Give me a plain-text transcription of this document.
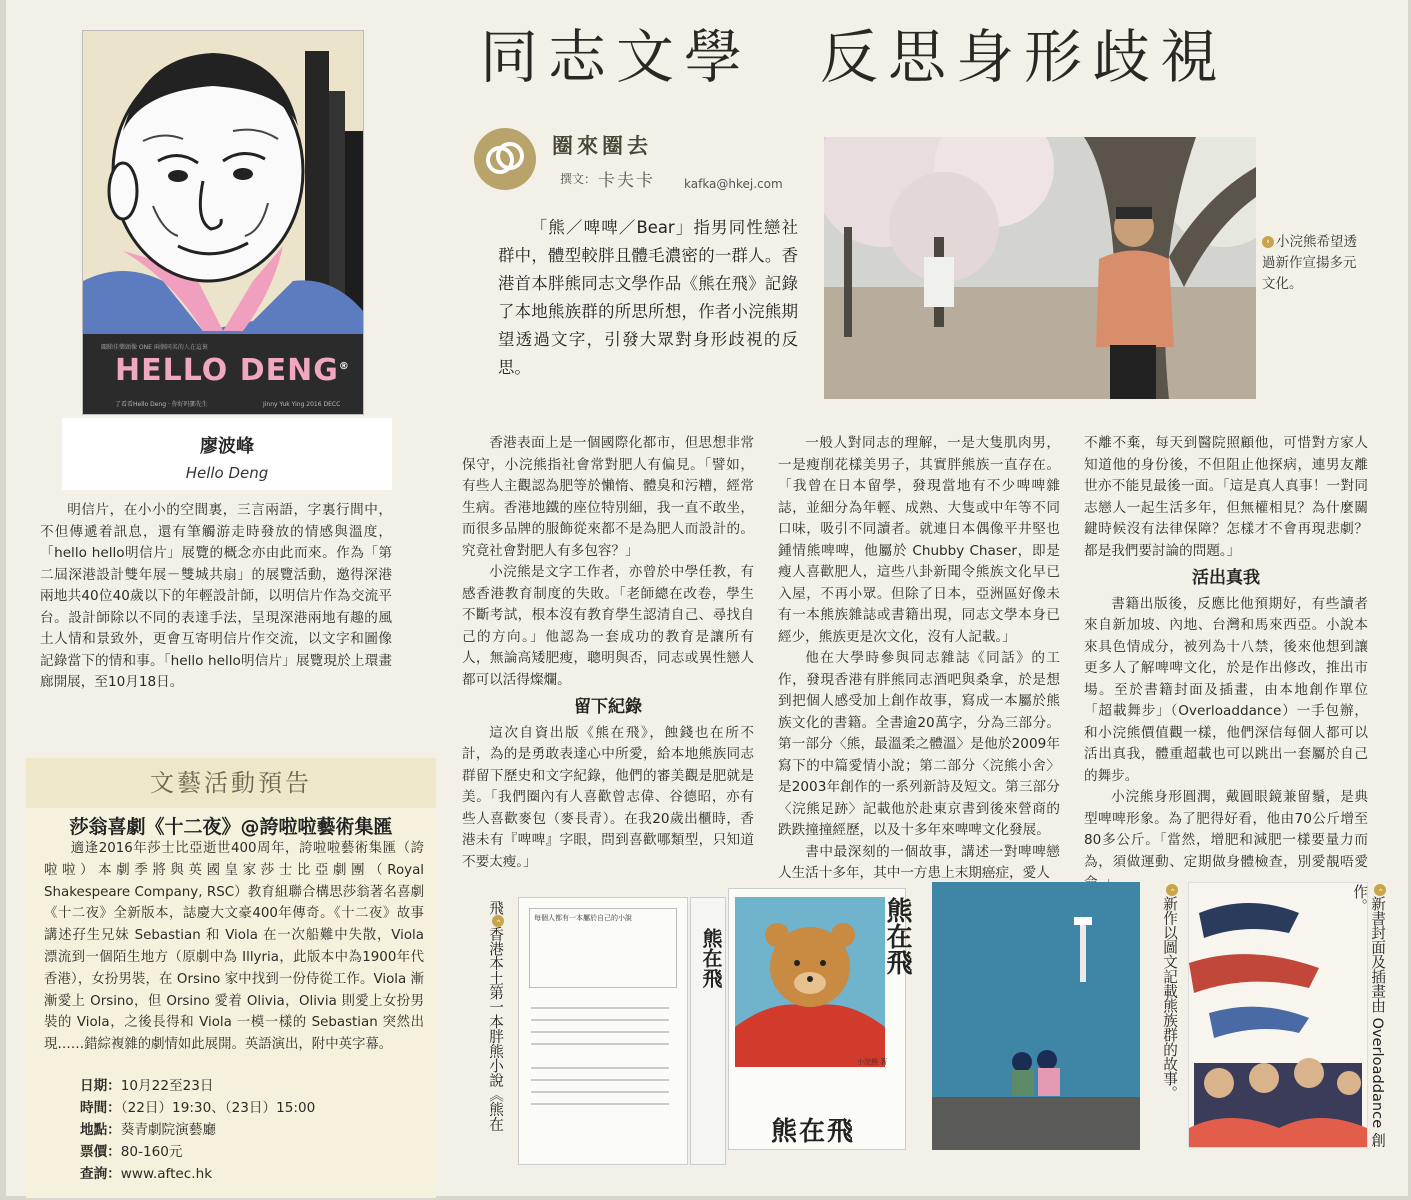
關睇佳樂頭像 ONE 兩個同名的人在這裏
HELLO DENG®
了看看Hello Deng · 你好吗鄧先生	Jinny Yuk Ying 2016 DECC
廖波峰
Hello Deng

明信片，在小小的空間裏，三言兩語，字裏行間中，不但傳遞着訊息，還有筆觸游走時發放的情感與溫度，「hello hello明信片」展覽的概念亦由此而來。作為「第二屆深港設計雙年展－雙城共扇」的展覽活動，邀得深港兩地共40位40歲以下的年輕設計師，以明信片作為交流平台。設計師除以不同的表達手法，呈現深港兩地有趣的風土人情和景致外，更會互寄明信片作交流，以文字和圖像記錄當下的情和事。「hello hello明信片」展覽現於上環畫廊開展，至10月18日。

文藝活動預告
莎翁喜劇《十二夜》@誇啦啦藝術集匯

適逢2016年莎士比亞逝世400周年，誇啦啦藝術集匯（誇啦啦）本劇季將與英國皇家莎士比亞劇團（Royal Shakespeare Company, RSC）教育組聯合構思莎翁著名喜劇《十二夜》全新版本，誌慶大文豪400年傳奇。《十二夜》故事講述孖生兄妹 Sebastian 和 Viola 在一次船難中失散，Viola 漂流到一個陌生地方（原劇中為 Illyria，此版本中為1900年代香港），女扮男裝，在 Orsino 家中找到一份侍從工作。Viola 漸漸愛上 Orsino，但 Orsino 愛着 Olivia，Olivia 則愛上女扮男裝的 Viola，之後長得和 Viola 一模一樣的 Sebastian 突然出現……錯綜複雜的劇情如此展開。英語演出，附中英字幕。

日期：10月22至23日
時間：（22日）19:30、（23日）15:00
地點：葵青劇院演藝廳
票價：80-160元
查詢：www.aftec.hk
同志文學　反思身形歧視
圈來圈去
撰文： 卡夫卡 kafka@hkej.com

「熊／啤啤／Bear」指男同性戀社群中，體型較胖且體毛濃密的一群人。香港首本胖熊同志文學作品《熊在飛》記錄了本地熊族群的所思所想，作者小浣熊期望透過文字，引發大眾對身形歧視的反思。

‹ 小浣熊希望透過新作宣揚多元文化。

香港表面上是一個國際化都市，但思想非常保守，小浣熊指社會常對肥人有偏見。「譬如，有些人主觀認為肥等於懶惰、體臭和污糟，經常生病。香港地鐵的座位特別細，我一直不敢坐，而很多品牌的服飾從來都不是為肥人而設計的。究竟社會對肥人有多包容？」

小浣熊是文字工作者，亦曾於中學任教，有感香港教育制度的失敗。「老師總在改卷，學生不斷考試，根本沒有教育學生認清自己、尋找自己的方向。」他認為一套成功的教育是讓所有人，無論高矮肥瘦，聰明與否，同志或異性戀人都可以活得燦爛。

留下紀錄

這次自資出版《熊在飛》，蝕錢也在所不計，為的是勇敢表達心中所愛，給本地熊族同志群留下歷史和文字紀錄，他們的審美觀是肥就是美。「我們圈內有人喜歡曾志偉、谷德昭，亦有些人喜歡麥包（麥長青）。在我20歲出櫃時，香港未有『啤啤』字眼，問到喜歡哪類型，只知道不要太瘦。」

一般人對同志的理解，一是大隻肌肉男，一是瘦削花樣美男子，其實胖熊族一直存在。「我曾在日本留學，發現當地有不少啤啤雜誌，並細分為年輕、成熟、大隻或中年等不同口味，吸引不同讀者。就連日本偶像平井堅也鍾情熊啤啤，他屬於 Chubby Chaser，即是瘦人喜歡肥人，這些八卦新聞令熊族文化早已入屋，不再小眾。但除了日本，亞洲區好像未有一本熊族雜誌或書籍出現，同志文學本身已經少，熊族更是次文化，沒有人記載。」

他在大學時參與同志雜誌《同話》的工作，發現香港有胖熊同志酒吧與桑拿，於是想到把個人感受加上創作故事，寫成一本屬於熊族文化的書籍。全書逾20萬字，分為三部分。第一部分〈熊，最溫柔之體溫〉是他於2009年寫下的中篇愛情小說；第二部分〈浣熊小舍〉是2003年創作的一系列新詩及短文。第三部分〈浣熊足跡〉記載他於赴東京書到後來營商的跌跌撞撞經歷，以及十多年來啤啤文化發展。

書中最深刻的一個故事，講述一對啤啤戀人生活十多年，其中一方患上末期癌症，愛人

不離不棄，每天到醫院照顧他，可惜對方家人知道他的身份後，不但阻止他探病，連男友離世亦不能見最後一面。「這是真人真事！一對同志戀人一起生活多年，但無權相見？為什麼關鍵時候沒有法律保障？怎樣才不會再現悲劇？都是我們要討論的問題。」

活出真我

書籍出版後，反應比他預期好，有些讀者來自新加坡、內地、台灣和馬來西亞。小說本來具色情成分，被列為十八禁，後來他想到讓更多人了解啤啤文化，於是作出修改，推出市場。至於書籍封面及插畫，由本地創作單位「超載舞步」（Overloaddance）一手包辦，和小浣熊價值觀一樣，他們深信每個人都可以活出真我，體重超載也可以跳出一套屬於自己的舞步。

小浣熊身形圓潤，戴圓眼鏡兼留鬚，是典型啤啤形象。為了肥得好看，他由70公斤增至80多公斤。「當然，增肥和減肥一樣要量力而為，須做運動、定期做身體檢查，別愛靚唔愛

飛‹香港本土第一本胖熊小說《熊在
每個人都有一本屬於自己的小說
熊在飛	熊在飛
小浣熊 著
熊在飛
‹新作以圖文記載熊族群的故事。
‹新書封面及插畫由 Overloaddance 創作。
